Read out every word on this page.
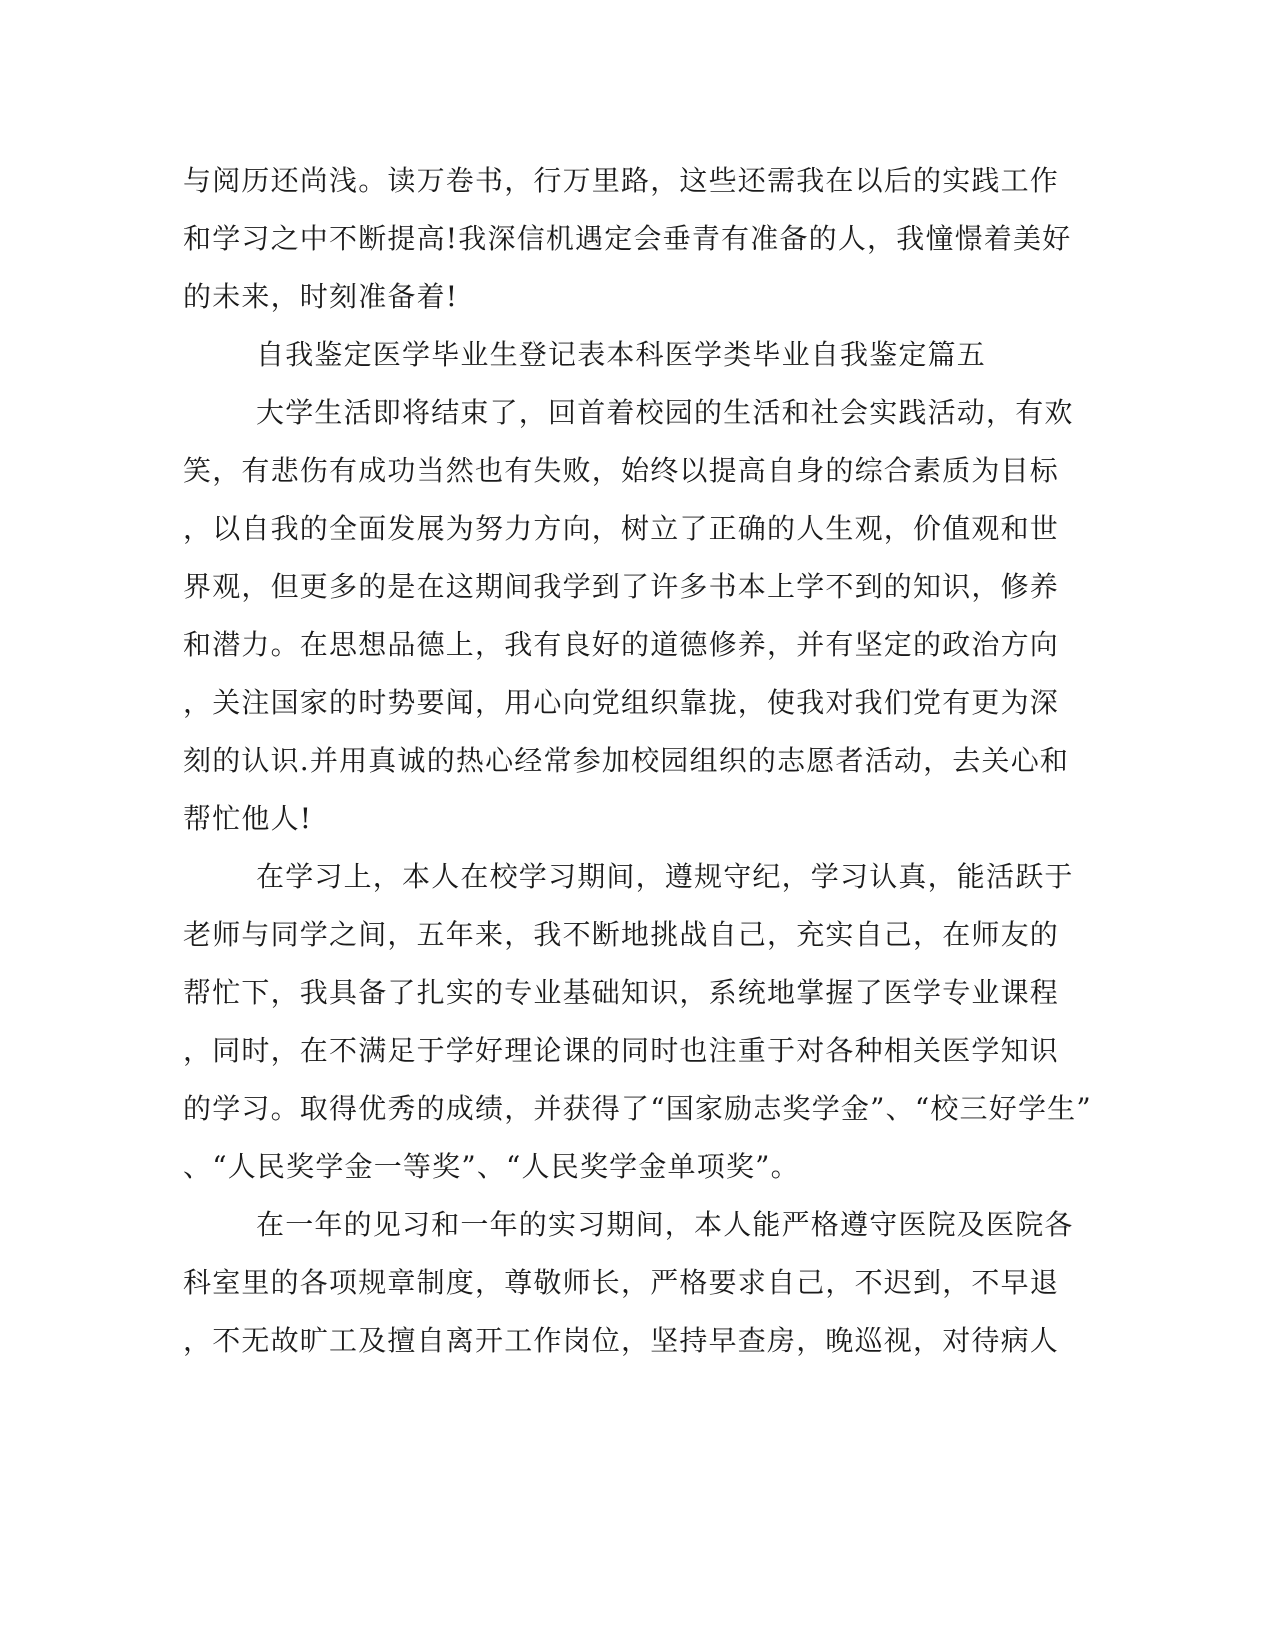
与阅历还尚浅。读万卷书，行万里路，这些还需我在以后的实践工作
和学习之中不断提高!我深信机遇定会垂青有准备的人，我憧憬着美好
的未来，时刻准备着!
自我鉴定医学毕业生登记表本科医学类毕业自我鉴定篇五
大学生活即将结束了，回首着校园的生活和社会实践活动，有欢
笑，有悲伤有成功当然也有失败，始终以提高自身的综合素质为目标
，以自我的全面发展为努力方向，树立了正确的人生观，价值观和世
界观，但更多的是在这期间我学到了许多书本上学不到的知识，修养
和潜力。在思想品德上，我有良好的道德修养，并有坚定的政治方向
，关注国家的时势要闻，用心向党组织靠拢，使我对我们党有更为深
刻的认识.并用真诚的热心经常参加校园组织的志愿者活动，去关心和
帮忙他人!
在学习上，本人在校学习期间，遵规守纪，学习认真，能活跃于
老师与同学之间，五年来，我不断地挑战自己，充实自己，在师友的
帮忙下，我具备了扎实的专业基础知识，系统地掌握了医学专业课程
，同时，在不满足于学好理论课的同时也注重于对各种相关医学知识
的学习。取得优秀的成绩，并获得了“国家励志奖学金”、“校三好学生”
、“人民奖学金一等奖”、“人民奖学金单项奖”。
在一年的见习和一年的实习期间，本人能严格遵守医院及医院各
科室里的各项规章制度，尊敬师长，严格要求自己，不迟到，不早退
，不无故旷工及擅自离开工作岗位，坚持早查房，晚巡视，对待病人
